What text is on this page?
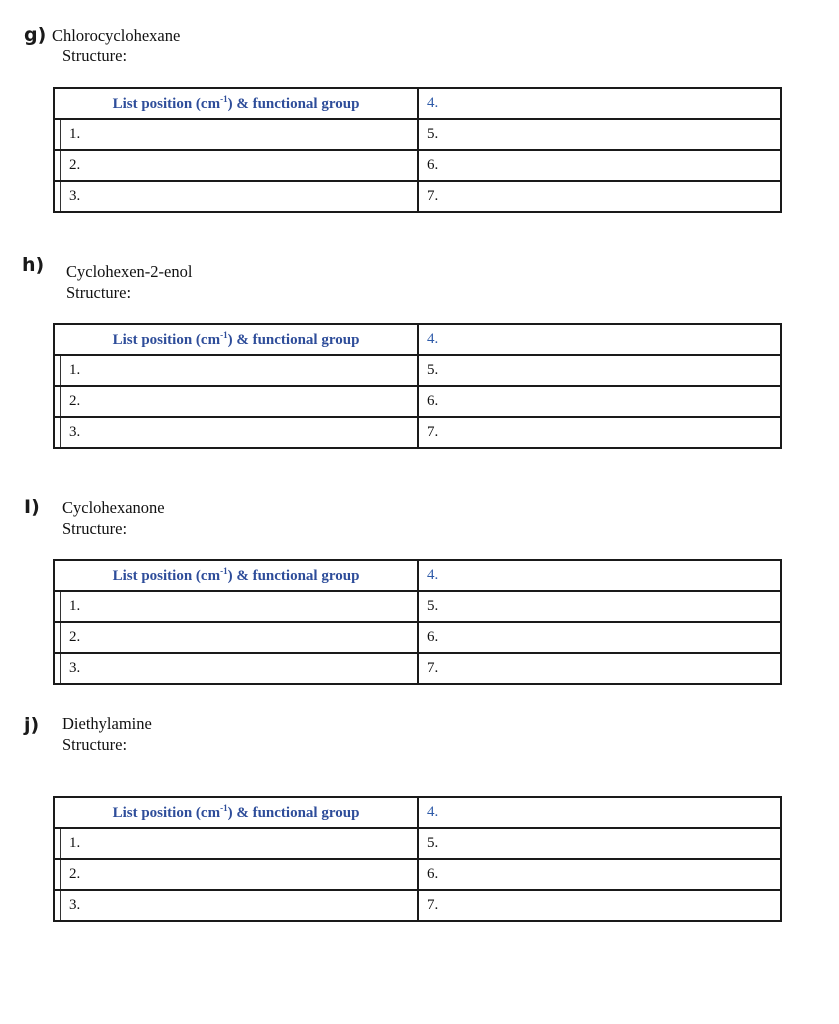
g) Chlorocyclohexane
Structure:
List position $(cm^{-1})$ & functional group	4.

1.	5.

2.	6.

3.	7.
h) Cyclohexen-2-enol
Structure:
List position $(cm^{-1})$ & functional group	4.

1.	5.

2.	6.

3.	7.
I) Cyclohexanone
Structure:
List position $(cm^{-1})$ & functional group	4.

1.	5.

2.	6.

3.	7.
j) Diethylamine
Structure:
List position $(cm^{-1})$ & functional group	4.

1.	5.

2.	6.

3.	7.
